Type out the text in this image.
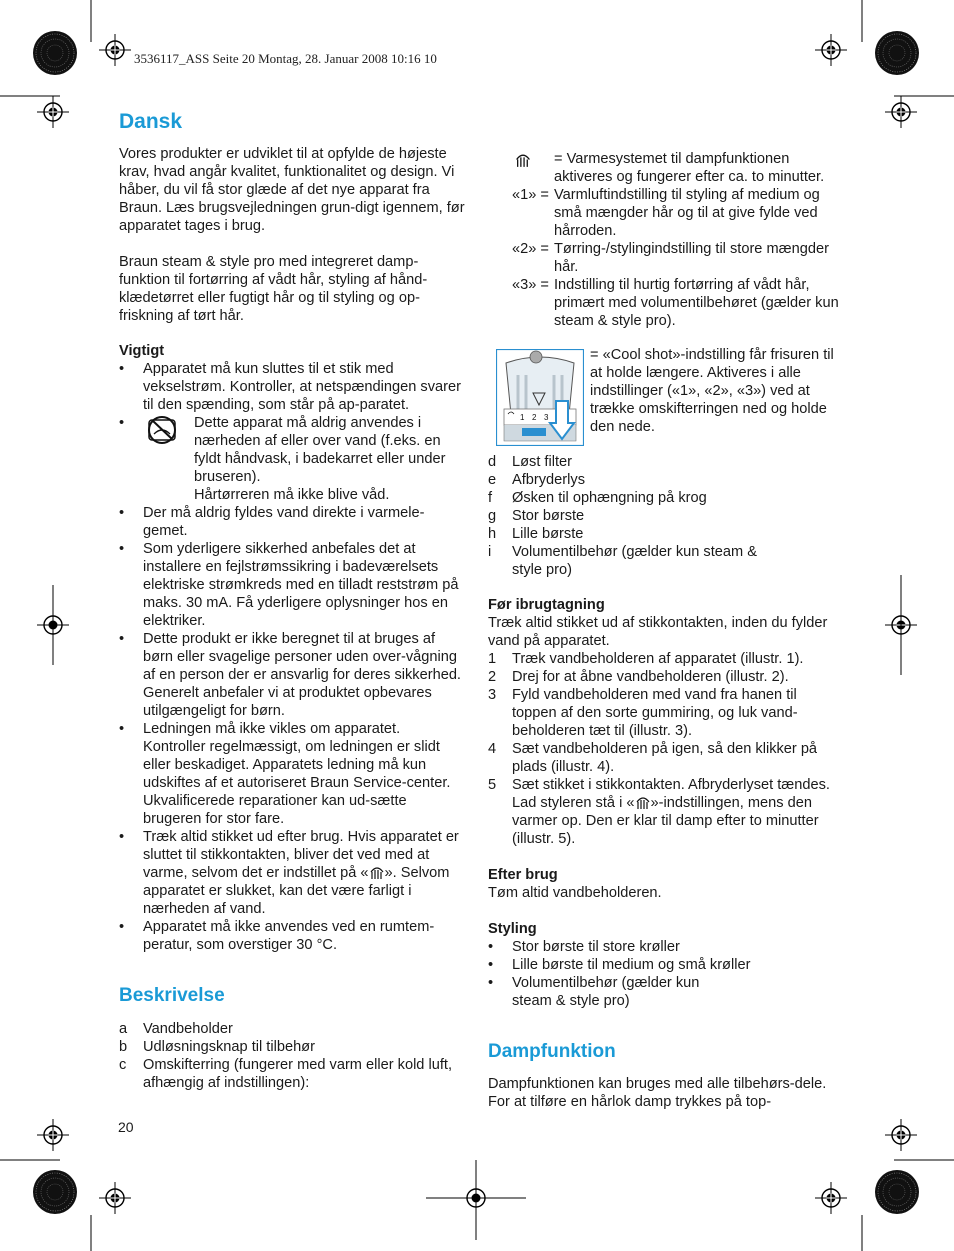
3536117_ASS Seite 20 Montag, 28. Januar 2008 10:16 10
Dansk

Vores produkter er udviklet til at opfylde de højeste krav, hvad angår kvalitet, funktionalitet og design. Vi håber, du vil få stor glæde af det nye apparat fra Braun. Læs brugsvejledningen grun-digt igennem, før apparatet tages i brug.

Braun steam & style pro med integreret damp-funktion til fortørring af vådt hår, styling af hånd-klædetørret eller fugtigt hår og til styling og op-friskning af tørt hår.

Vigtigt

• Apparatet må kun sluttes til et stik med vekselstrøm. Kontroller, at netspændingen svarer til den spænding, som står på ap-paratet.
•	Dette apparat må aldrig anvendes i nærheden af eller over vand (f.eks. en fyldt håndvask, i badekarret eller under bruseren).
Hårtørreren må ikke blive våd.
• Der må aldrig fyldes vand direkte i varmele-gemet.
• Som yderligere sikkerhed anbefales det at installere en fejlstrømssikring i badeværelsets elektriske strømkreds med en tilladt reststrøm på maks. 30 mA. Få yderligere oplysninger hos en elektriker.
• Dette produkt er ikke beregnet til at bruges af børn eller svagelige personer uden over-vågning af en person der er ansvarlig for deres sikkerhed. Generelt anbefaler vi at produktet opbevares utilgængeligt for børn.
• Ledningen må ikke vikles om apparatet. Kontroller regelmæssigt, om ledningen er slidt eller beskadiget. Apparatets ledning må kun udskiftes af et autoriseret Braun Service-center. Ukvalificerede reparationer kan ud-sætte brugeren for stor fare.
• Træk altid stikket ud efter brug. Hvis apparatet er sluttet til stikkontakten, bliver det ved med at varme, selvom det er indstillet på « ». Selvom apparatet er slukket, kan det være farligt i nærheden af vand.
• Apparatet må ikke anvendes ved en rumtem-peratur, som overstiger 30 °C.
Beskrivelse
a Vandbeholder
b Udløsningsknap til tilbehør
c Omskifterring (fungerer med varm eller kold luft, afhængig af indstillingen):
20
= Varmesystemet til dampfunktionen aktiveres og fungerer efter ca. to minutter.
«1» = Varmluftindstilling til styling af medium og små mængder hår og til at give fylde ved hårroden.
«2» = Tørring-/stylingindstilling til store mængder hår.
«3» = Indstilling til hurtig fortørring af vådt hår, primært med volumentilbehøret (gælder kun steam & style pro).
1 2 3
= «Cool shot»-indstilling får frisuren til at holde længere. Aktiveres i alle indstillinger («1», «2», «3») ved at trække omskifterringen ned og holde den nede.
d Løst filter
e Afbryderlys
f Øsken til ophængning på krog
g Stor børste
h Lille børste
i Volumentilbehør (gælder kun steam & style pro)

Før ibrugtagning

Træk altid stikket ud af stikkontakten, inden du fylder vand på apparatet.

1 Træk vandbeholderen af apparatet (illustr. 1).
2 Drej for at åbne vandbeholderen (illustr. 2).
3 Fyld vandbeholderen med vand fra hanen til toppen af den sorte gummiring, og luk vand-beholderen tæt til (illustr. 3).
4 Sæt vandbeholderen på igen, så den klikker på plads (illustr. 4).
5 Sæt stikket i stikkontakten. Afbryderlyset tændes. Lad styleren stå i « »-indstillingen, mens den varmer op. Den er klar til damp efter to minutter (illustr. 5).

Efter brug

Tøm altid vandbeholderen.

Styling

• Stor børste til store krøller
• Lille børste til medium og små krøller
• Volumentilbehør (gælder kun steam & style pro)
Dampfunktion

Dampfunktionen kan bruges med alle tilbehørs-dele. For at tilføre en hårlok damp trykkes på top-
